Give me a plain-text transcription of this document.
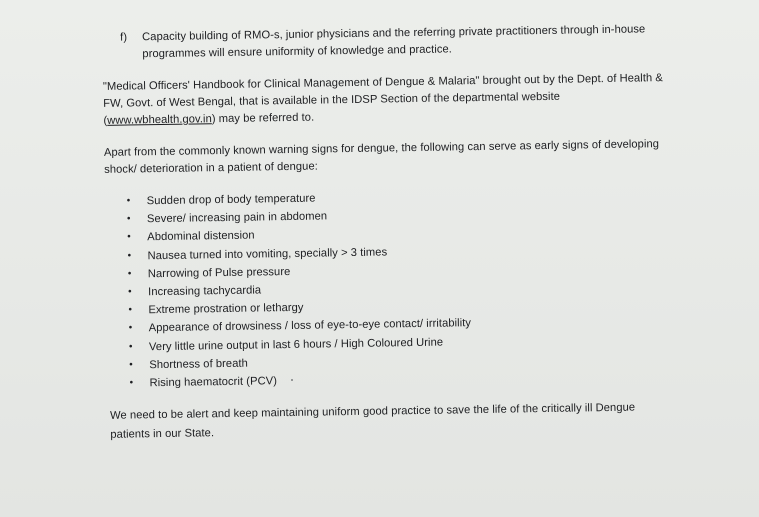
f)	Capacity building of RMO-s, junior physicians and the referring private practitioners through in-house programmes will ensure uniformity of knowledge and practice.
"Medical Officers' Handbook for Clinical Management of Dengue & Malaria" brought out by the Dept. of Health & FW, Govt. of West Bengal, that is available in the IDSP Section of the departmental website (www.wbhealth.gov.in) may be referred to.
Apart from the commonly known warning signs for dengue, the following can serve as early signs of developing shock/ deterioration in a patient of dengue:
•	Sudden drop of body temperature
•	Severe/ increasing pain in abdomen
•	Abdominal distension
•	Nausea turned into vomiting, specially > 3 times
•	Narrowing of Pulse pressure
•	Increasing tachycardia
•	Extreme prostration or lethargy
•	Appearance of drowsiness / loss of eye-to-eye contact/ irritability
•	Very little urine output in last 6 hours / High Coloured Urine
•	Shortness of breath
•	Rising haematocrit (PCV)
We need to be alert and keep maintaining uniform good practice to save the life of the critically ill Dengue patients in our State.
